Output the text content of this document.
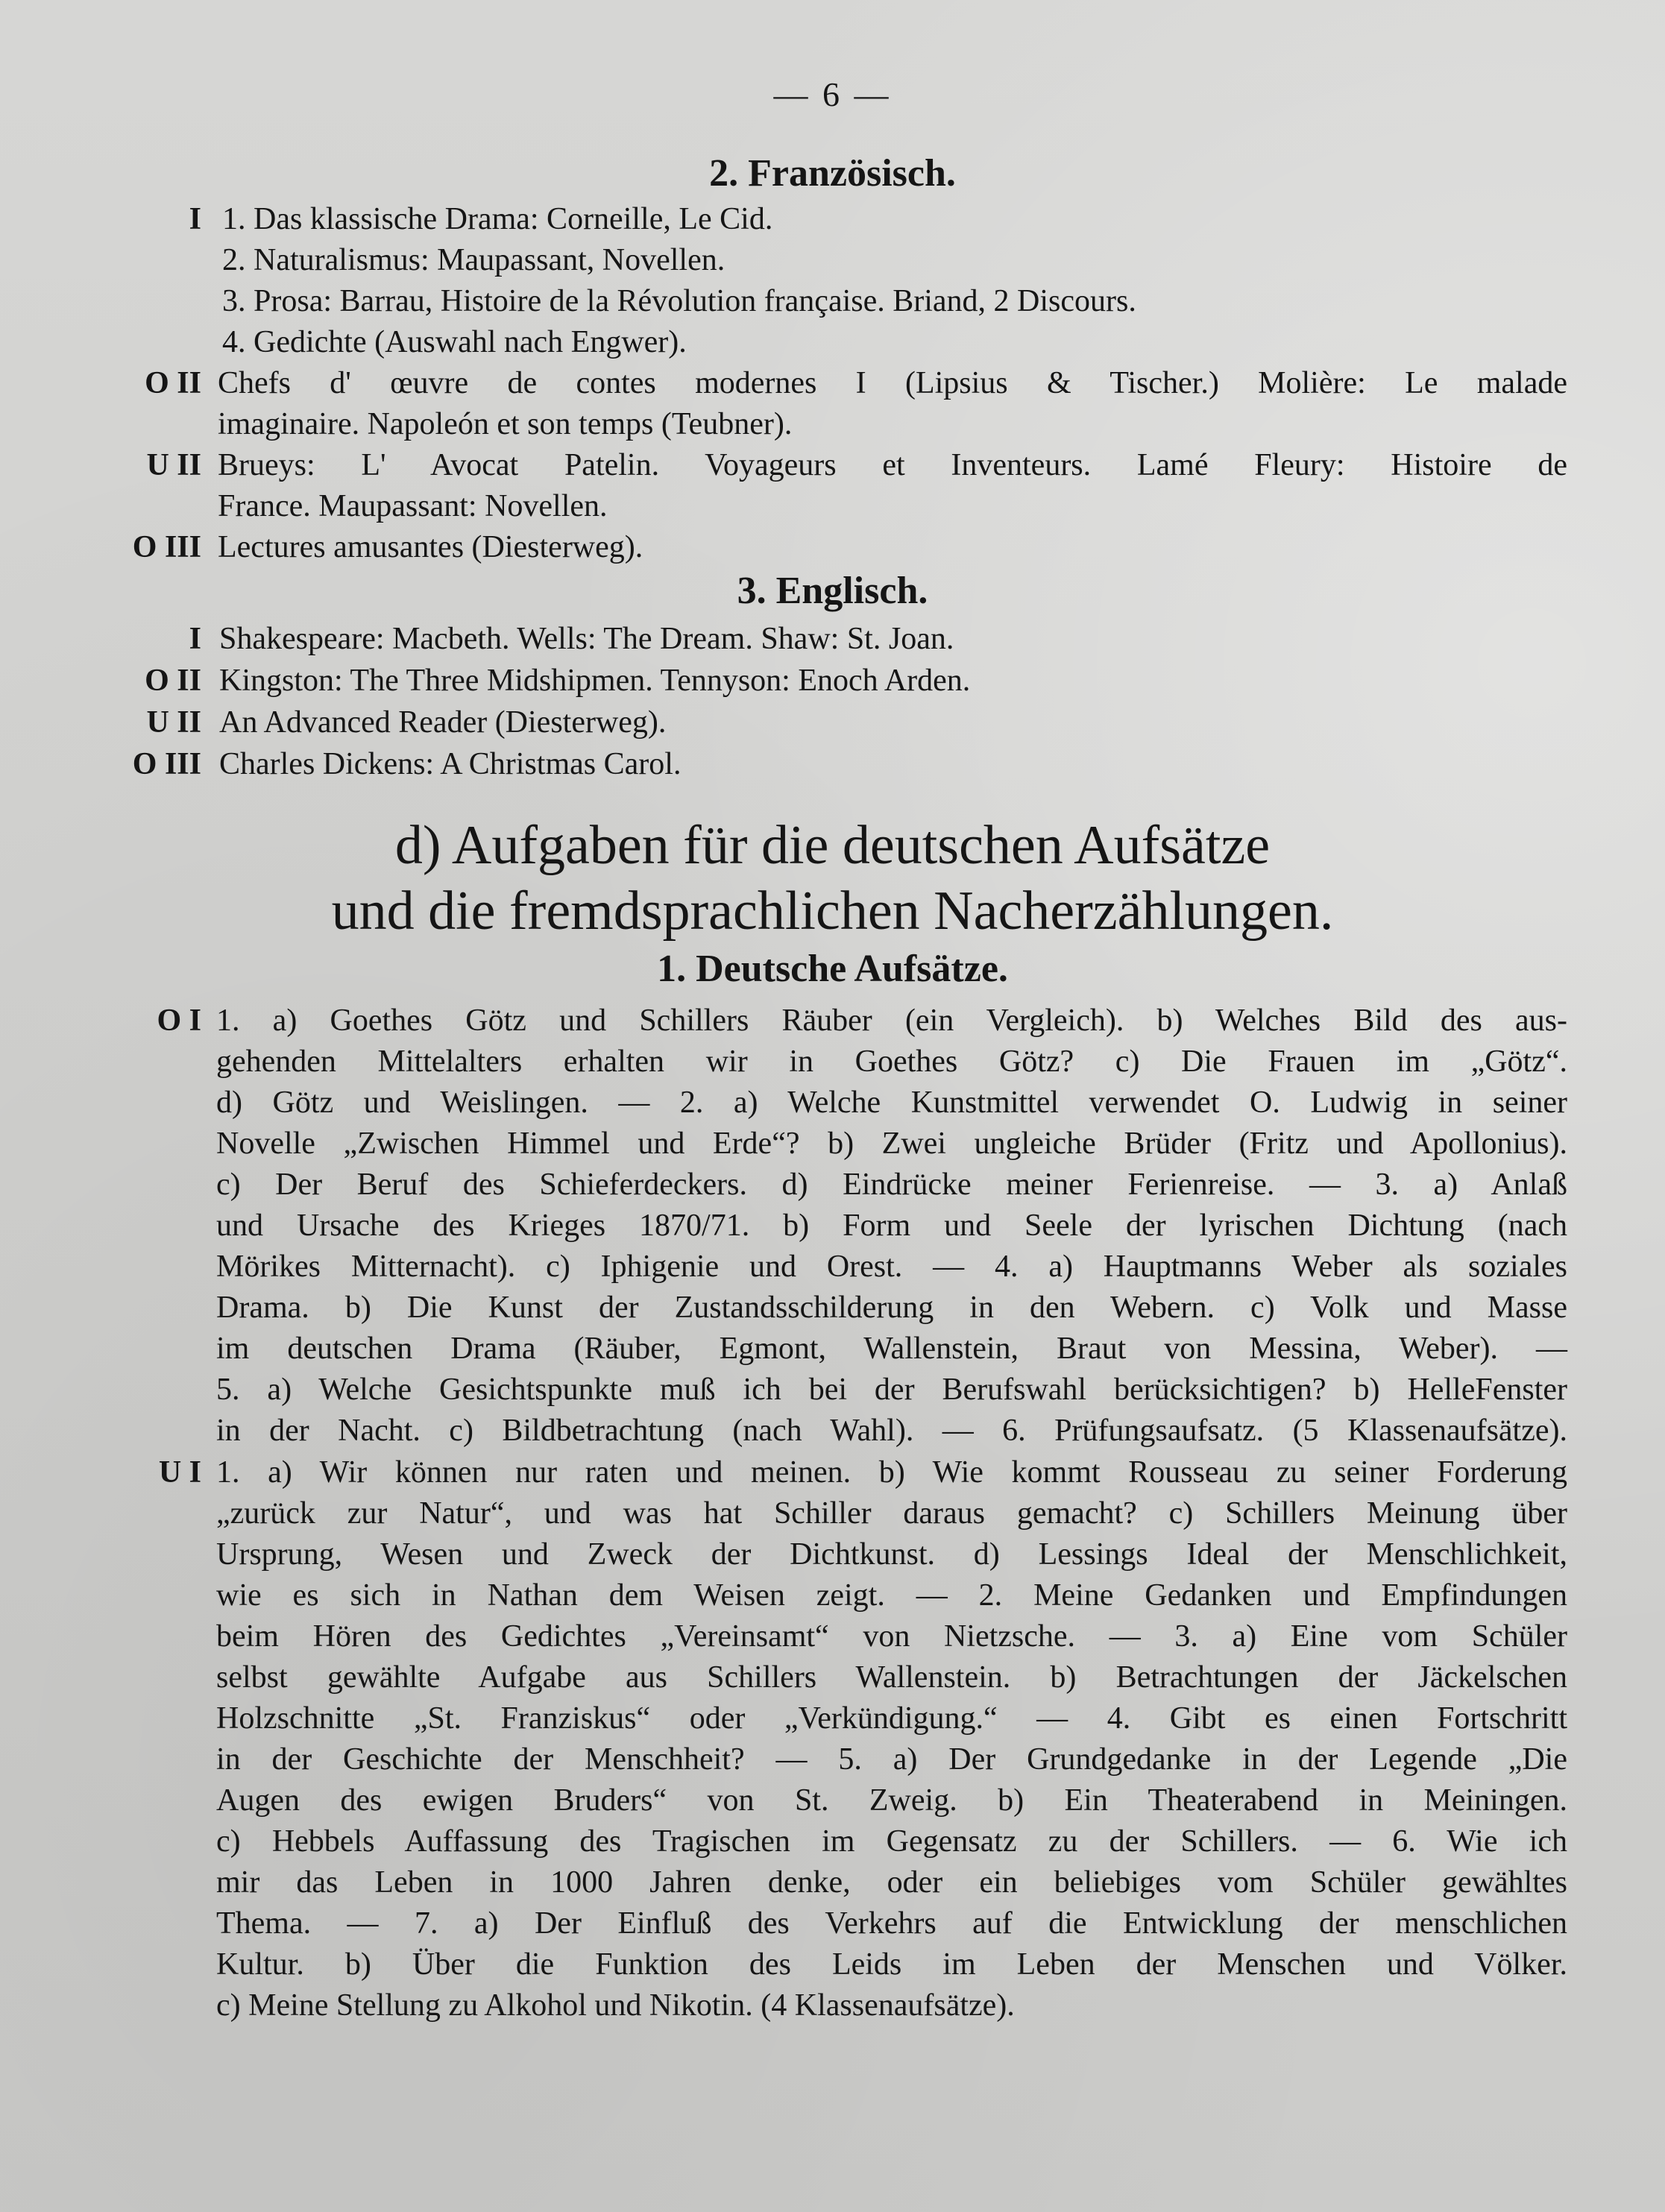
— 6 —
2. Französisch.
I 1. Das klassische Drama: Corneille, Le Cid.
2. Naturalismus: Maupassant, Novellen.
3. Prosa: Barrau, Histoire de la Révolution française. Briand, 2 Discours.
4. Gedichte (Auswahl nach Engwer).
O II Chefs d' œuvre de contes modernes I (Lipsius & Tischer.) Molière: Le malade
imaginaire. Napoleón et son temps (Teubner).
U II Brueys: L' Avocat Patelin. Voyageurs et Inventeurs. Lamé Fleury: Histoire de
France. Maupassant: Novellen.
O III Lectures amusantes (Diesterweg).
3. Englisch.
I Shakespeare: Macbeth. Wells: The Dream. Shaw: St. Joan.
O II Kingston: The Three Midshipmen. Tennyson: Enoch Arden.
U II An Advanced Reader (Diesterweg).
O III Charles Dickens: A Christmas Carol.
d) Aufgaben für die deutschen Aufsätze
und die fremdsprachlichen Nacherzählungen.
1. Deutsche Aufsätze.
O I 1. a) Goethes Götz und Schillers Räuber (ein Vergleich). b) Welches Bild des aus-
gehenden Mittelalters erhalten wir in Goethes Götz? c) Die Frauen im „Götz“.
d) Götz und Weislingen. — 2. a) Welche Kunstmittel verwendet O. Ludwig in seiner
Novelle „Zwischen Himmel und Erde“? b) Zwei ungleiche Brüder (Fritz und Apollonius).
c) Der Beruf des Schieferdeckers. d) Eindrücke meiner Ferienreise. — 3. a) Anlaß
und Ursache des Krieges 1870/71. b) Form und Seele der lyrischen Dichtung (nach
Mörikes Mitternacht). c) Iphigenie und Orest. — 4. a) Hauptmanns Weber als soziales
Drama. b) Die Kunst der Zustandsschilderung in den Webern. c) Volk und Masse
im deutschen Drama (Räuber, Egmont, Wallenstein, Braut von Messina, Weber). —
5. a) Welche Gesichtspunkte muß ich bei der Berufswahl berücksichtigen? b) HelleFenster
in der Nacht. c) Bildbetrachtung (nach Wahl). — 6. Prüfungsaufsatz. (5 Klassenaufsätze).
U I 1. a) Wir können nur raten und meinen. b) Wie kommt Rousseau zu seiner Forderung
„zurück zur Natur“, und was hat Schiller daraus gemacht? c) Schillers Meinung über
Ursprung, Wesen und Zweck der Dichtkunst. d) Lessings Ideal der Menschlichkeit,
wie es sich in Nathan dem Weisen zeigt. — 2. Meine Gedanken und Empfindungen
beim Hören des Gedichtes „Vereinsamt“ von Nietzsche. — 3. a) Eine vom Schüler
selbst gewählte Aufgabe aus Schillers Wallenstein. b) Betrachtungen der Jäckelschen
Holzschnitte „St. Franziskus“ oder „Verkündigung.“ — 4. Gibt es einen Fortschritt
in der Geschichte der Menschheit? — 5. a) Der Grundgedanke in der Legende „Die
Augen des ewigen Bruders“ von St. Zweig. b) Ein Theaterabend in Meiningen.
c) Hebbels Auffassung des Tragischen im Gegensatz zu der Schillers. — 6. Wie ich
mir das Leben in 1000 Jahren denke, oder ein beliebiges vom Schüler gewähltes
Thema. — 7. a) Der Einfluß des Verkehrs auf die Entwicklung der menschlichen
Kultur. b) Über die Funktion des Leids im Leben der Menschen und Völker.
c) Meine Stellung zu Alkohol und Nikotin. (4 Klassenaufsätze).
